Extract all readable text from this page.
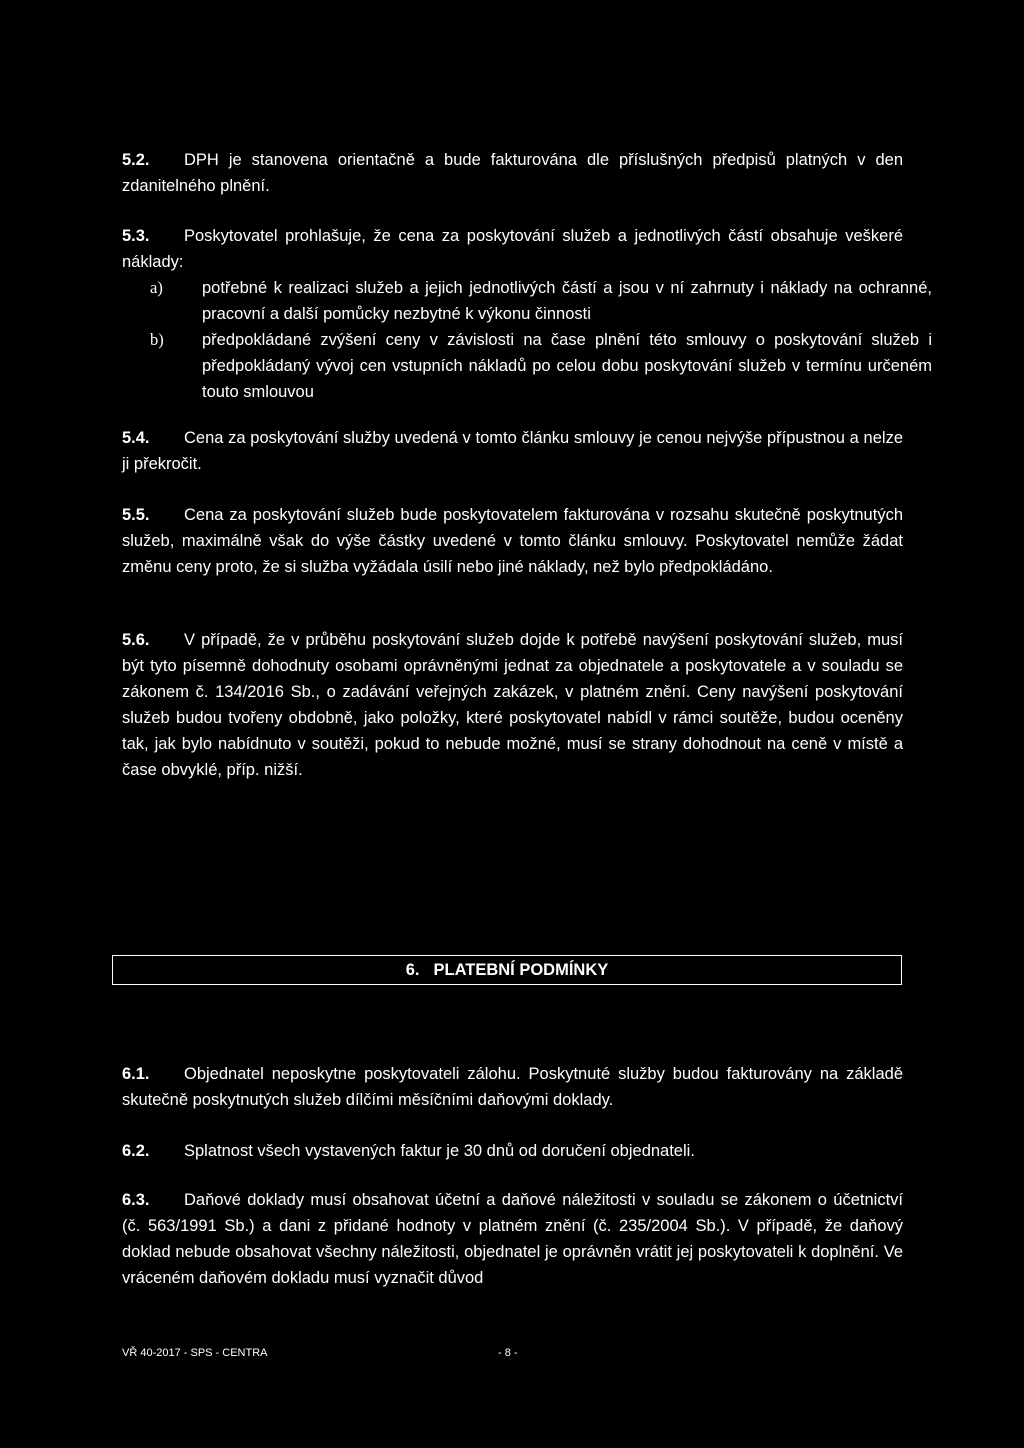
5.2. DPH je stanovena orientačně a bude fakturována dle příslušných předpisů platných v den zdanitelného plnění.

5.3. Poskytovatel prohlašuje, že cena za poskytování služeb a jednotlivých částí obsahuje veškeré náklady:

a)	potřebné k realizaci služeb a jejich jednotlivých částí a jsou v ní zahrnuty i náklady na ochranné, pracovní a další pomůcky nezbytné k výkonu činnosti
b)	předpokládané zvýšení ceny v závislosti na čase plnění této smlouvy o poskytování služeb i předpokládaný vývoj cen vstupních nákladů po celou dobu poskytování služeb v termínu určeném touto smlouvou

5.4. Cena za poskytování služby uvedená v tomto článku smlouvy je cenou nejvýše přípustnou a nelze ji překročit.

5.5. Cena za poskytování služeb bude poskytovatelem fakturována v rozsahu skutečně poskytnutých služeb, maximálně však do výše částky uvedené v tomto článku smlouvy. Poskytovatel nemůže žádat změnu ceny proto, že si služba vyžádala úsilí nebo jiné náklady, než bylo předpokládáno.

5.6. V případě, že v průběhu poskytování služeb dojde k potřebě navýšení poskytování služeb, musí být tyto písemně dohodnuty osobami oprávněnými jednat za objednatele a poskytovatele a v souladu se zákonem č. 134/2016 Sb., o zadávání veřejných zakázek, v platném znění. Ceny navýšení poskytování služeb budou tvořeny obdobně, jako položky, které poskytovatel nabídl v rámci soutěže, budou oceněny tak, jak bylo nabídnuto v soutěži, pokud to nebude možné, musí se strany dohodnout na ceně v místě a čase obvyklé, příp. nižší.

6. PLATEBNÍ PODMÍNKY

6.1. Objednatel neposkytne poskytovateli zálohu. Poskytnuté služby budou fakturovány na základě skutečně poskytnutých služeb dílčími měsíčními daňovými doklady.

6.2. Splatnost všech vystavených faktur je 30 dnů od doručení objednateli.

6.3. Daňové doklady musí obsahovat účetní a daňové náležitosti v souladu se zákonem o účetnictví (č. 563/1991 Sb.) a dani z přidané hodnoty v platném znění (č. 235/2004 Sb.). V případě, že daňový doklad nebude obsahovat všechny náležitosti, objednatel je oprávněn vrátit jej poskytovateli k doplnění. Ve vráceném daňovém dokladu musí vyznačit důvod

VŘ 40-2017 - SPS - CENTRA	- 8 -
